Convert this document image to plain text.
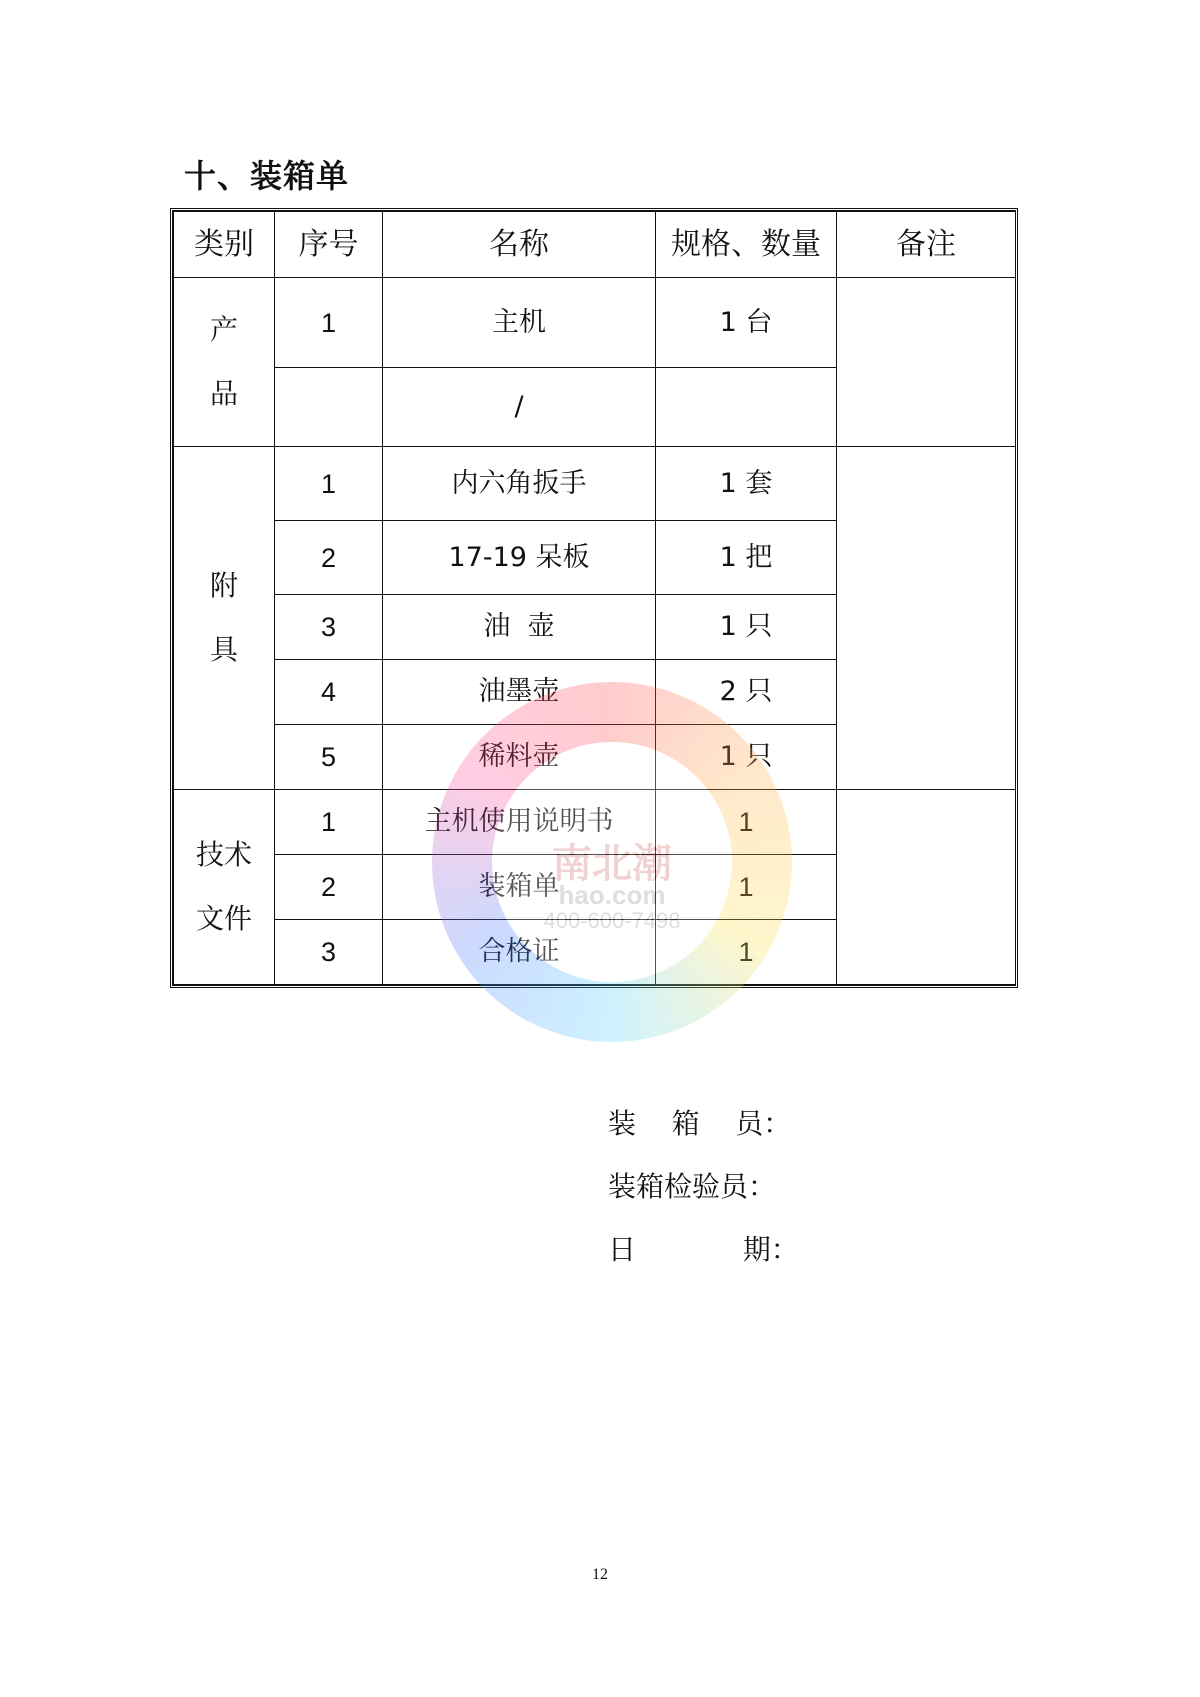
十、装箱单
类别	序号	名称	规格、数量	备注
产品	1	主机	1 台	
		/		
附具	1	内六角扳手	1 套	
	2	17-19 呆板	1 把	
	3	油  壶	1 只	
	4	油墨壶	2 只	
	5	稀料壶	1 只	
技术文件	1	主机使用说明书	1	
	2	装箱单	1	
	3	合格证	1	
南北潮
hao.com
400-600-7498
装    箱    员：
装箱检验员：
日            期：
12
